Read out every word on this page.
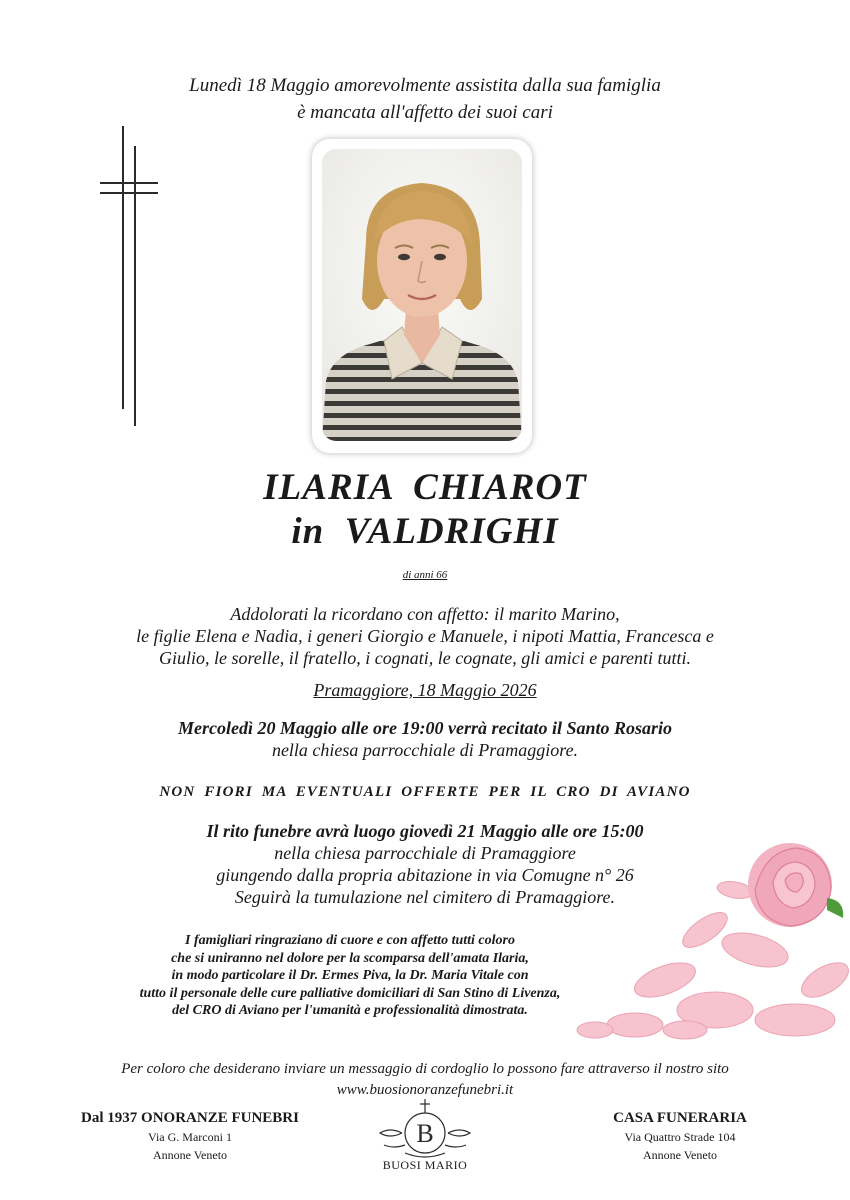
Lunedì 18 Maggio amorevolmente assistita dalla sua famiglia
è mancata all'affetto dei suoi cari
ILARIA  CHIAROT
in  VALDRIGHI
di anni 66
Addolorati la ricordano con affetto: il marito Marino,
le figlie Elena e Nadia, i generi Giorgio e Manuele, i nipoti Mattia, Francesca e
Giulio, le sorelle, il fratello, i cognati, le cognate, gli amici e parenti tutti.
Pramaggiore, 18 Maggio 2026
Mercoledì 20 Maggio alle ore 19:00 verrà recitato il Santo Rosario
nella chiesa parrocchiale di Pramaggiore.
NON FIORI MA EVENTUALI OFFERTE PER IL CRO DI AVIANO
Il rito funebre avrà luogo giovedì 21 Maggio alle ore 15:00
nella chiesa parrocchiale di Pramaggiore
giungendo dalla propria abitazione in via Comugne n° 26
Seguirà la tumulazione nel cimitero di Pramaggiore.
I famigliari ringraziano di cuore e con affetto tutti coloro
che si uniranno nel dolore per la scomparsa dell'amata Ilaria,
in modo particolare il Dr. Ermes Piva, la Dr. Maria Vitale con
tutto il personale delle cure palliative domiciliari di San Stino di Livenza,
del CRO di Aviano per l'umanità e professionalità dimostrata.
Per coloro che desiderano inviare un messaggio di cordoglio lo possono fare attraverso il nostro sito
www.buosionoranzefunebri.it
Dal 1937 ONORANZE FUNEBRI
Via G. Marconi 1
Annone Veneto
B
BUOSI MARIO
CASA FUNERARIA
Via Quattro Strade 104
Annone Veneto
